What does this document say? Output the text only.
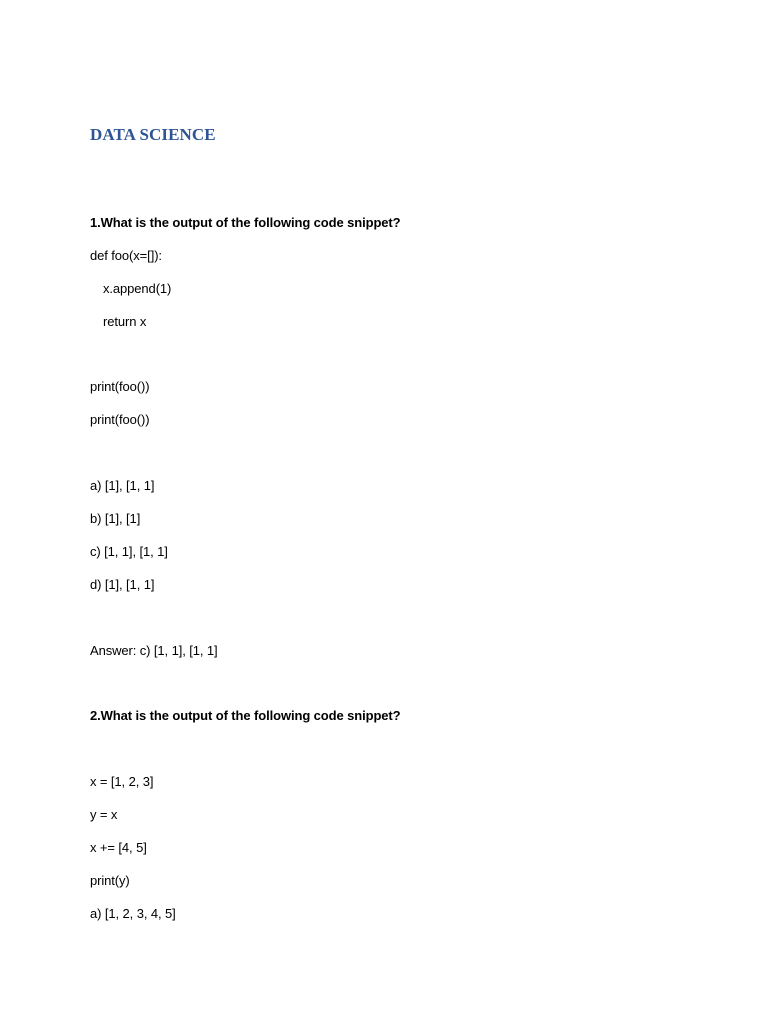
DATA SCIENCE
1.What is the output of the following code snippet?
def foo(x=[]):
x.append(1)
return x
print(foo())
print(foo())
a) [1], [1, 1]
b) [1], [1]
c) [1, 1], [1, 1]
d) [1], [1, 1]
Answer: c) [1, 1], [1, 1]
2.What is the output of the following code snippet?
x = [1, 2, 3]
y = x
x += [4, 5]
print(y)
a) [1, 2, 3, 4, 5]
